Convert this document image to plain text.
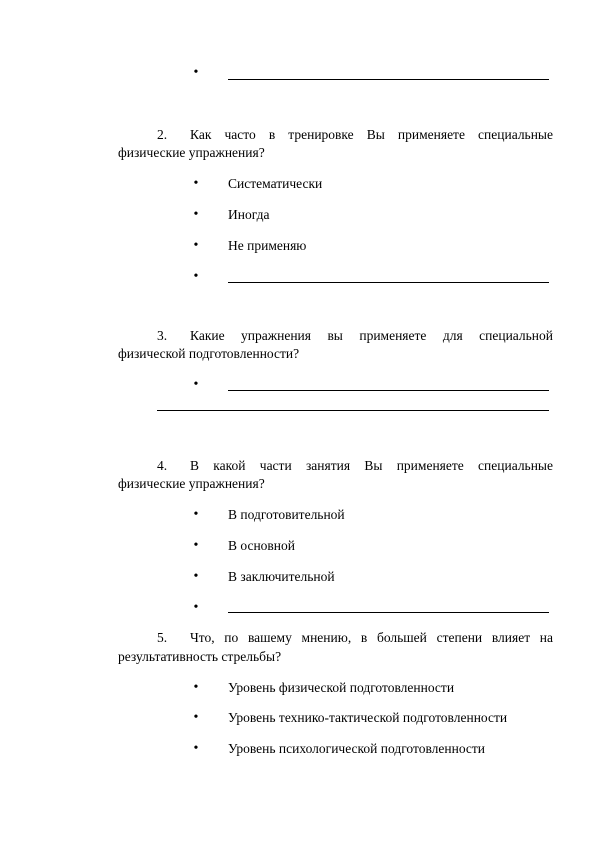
•
2.	Как часто в тренировке Вы применяете специальные
физические упражнения?
•	Систематически
•	Иногда
•	Не применяю
•
3.	Какие упражнения вы применяете для специальной
физической подготовленности?
•
4.	В какой части занятия Вы применяете специальные
физические упражнения?
•	В подготовительной
•	В основной
•	В заключительной
•
5.	Что, по вашему мнению, в большей степени влияет на
результативность стрельбы?
•	Уровень физической подготовленности
•	Уровень технико-тактической подготовленности
•	Уровень психологической подготовленности
